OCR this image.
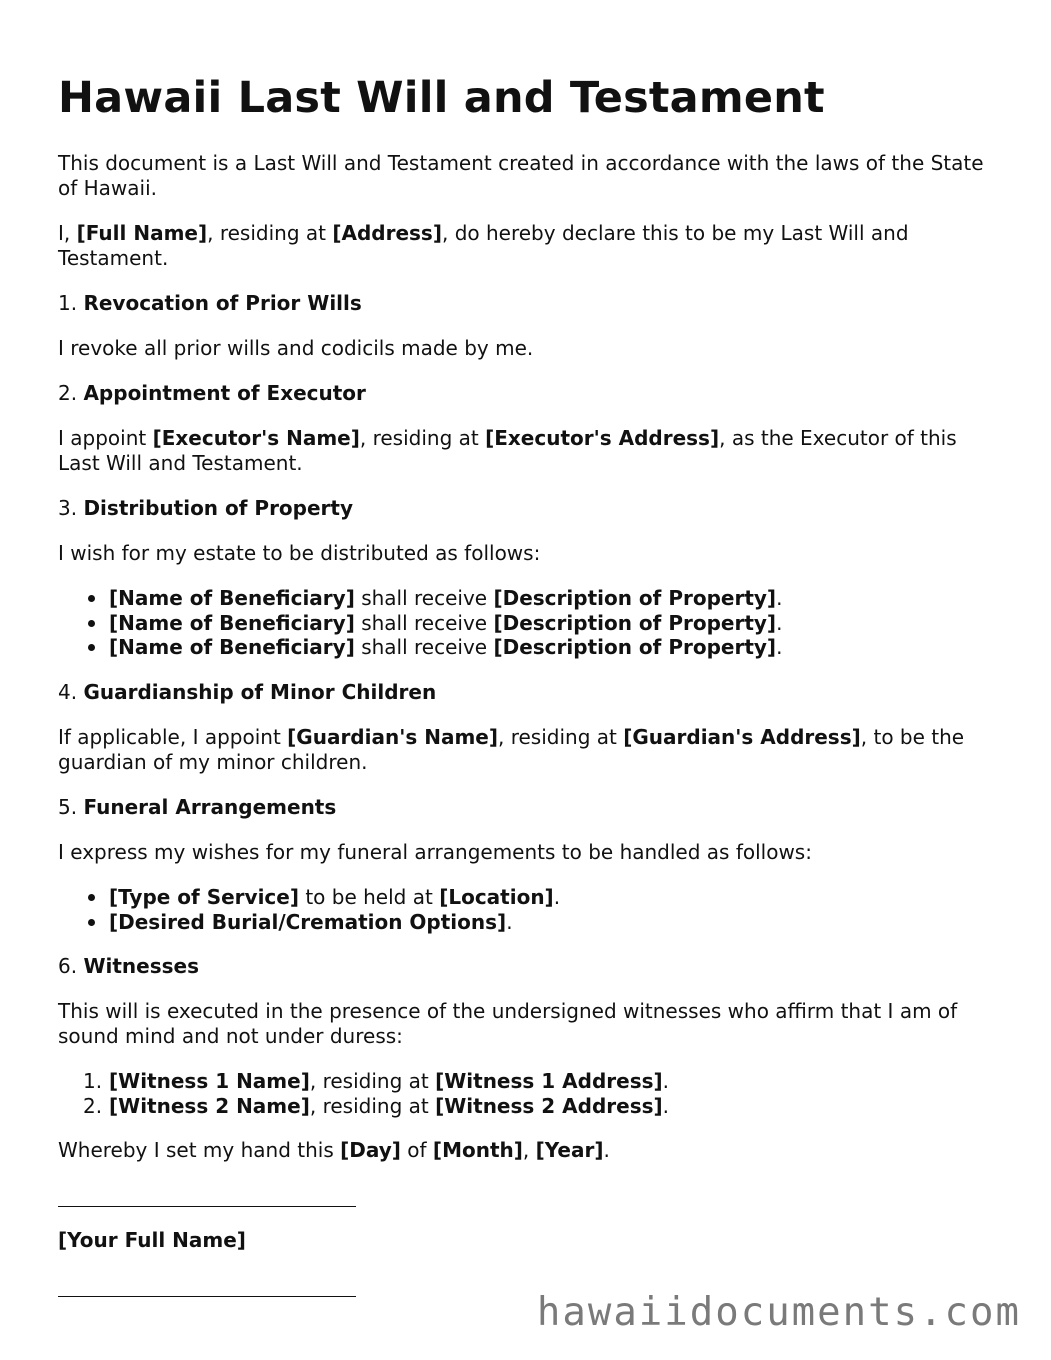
Hawaii Last Will and Testament

This document is a Last Will and Testament created in accordance with the laws of the State of Hawaii.

I, [Full Name], residing at [Address], do hereby declare this to be my Last Will and Testament.

1. Revocation of Prior Wills

I revoke all prior wills and codicils made by me.

2. Appointment of Executor

I appoint [Executor's Name], residing at [Executor's Address], as the Executor of this Last Will and Testament.

3. Distribution of Property

I wish for my estate to be distributed as follows:

[Name of Beneficiary] shall receive [Description of Property].
[Name of Beneficiary] shall receive [Description of Property].
[Name of Beneficiary] shall receive [Description of Property].

4. Guardianship of Minor Children

If applicable, I appoint [Guardian's Name], residing at [Guardian's Address], to be the guardian of my minor children.

5. Funeral Arrangements

I express my wishes for my funeral arrangements to be handled as follows:

[Type of Service] to be held at [Location].
[Desired Burial/Cremation Options].

6. Witnesses

This will is executed in the presence of the undersigned witnesses who affirm that I am of sound mind and not under duress:

1. [Witness 1 Name], residing at [Witness 1 Address].
2. [Witness 2 Name], residing at [Witness 2 Address].

Whereby I set my hand this [Day] of [Month], [Year].

[Your Full Name]

hawaiidocuments.com
